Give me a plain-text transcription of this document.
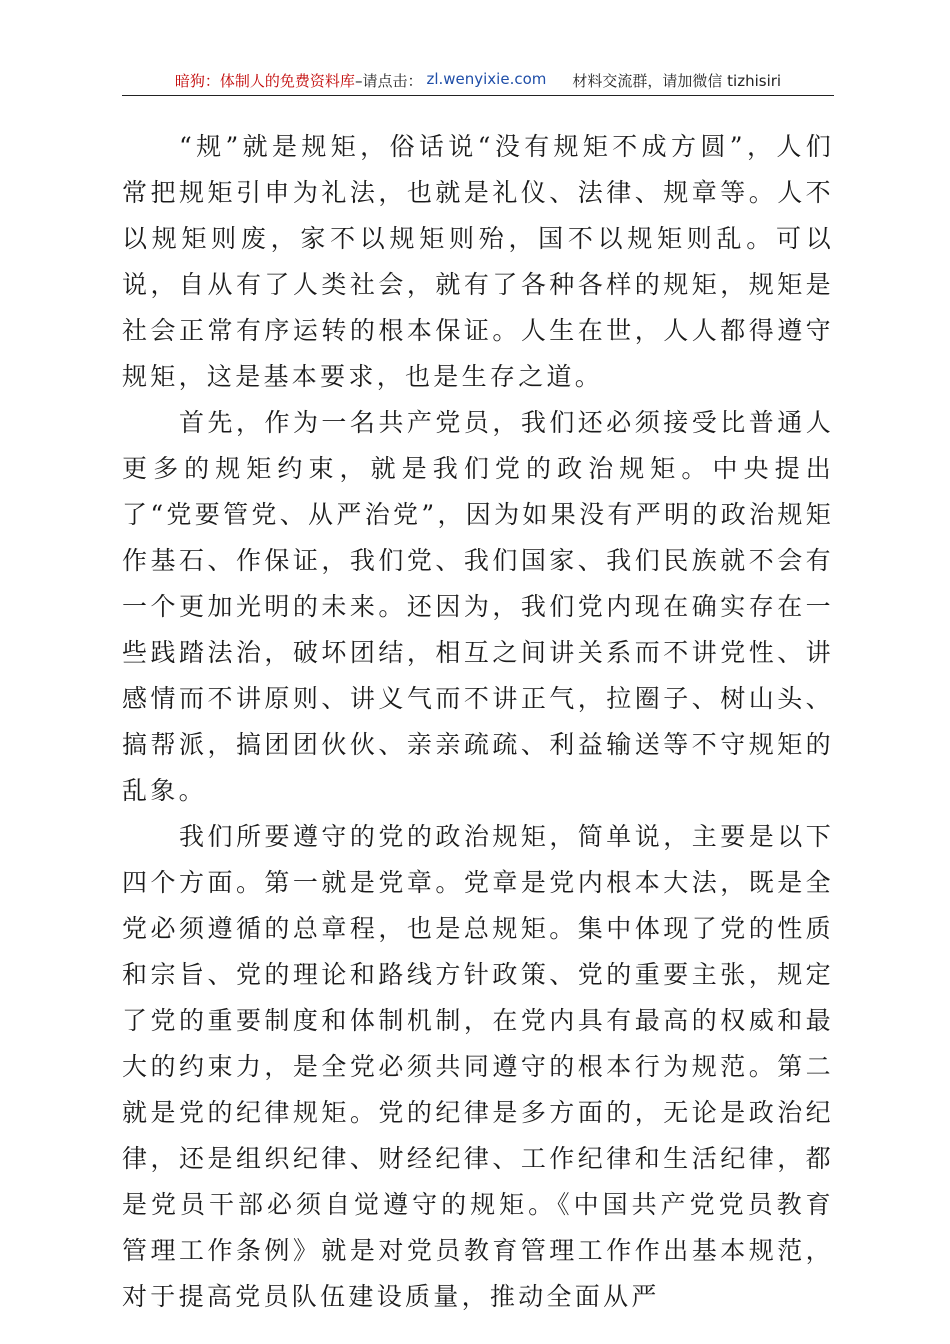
暗狗：体制人的免费资料库 –请点击： zl.wenyixie.com 材料交流群，请加微信 tizhisiri

“规”就是规矩，俗话说“没有规矩不成方圆”，人们常把规矩引申为礼法，也就是礼仪、法律、规章等。人不以规矩则废，家不以规矩则殆，国不以规矩则乱。可以说，自从有了人类社会，就有了各种各样的规矩，规矩是社会正常有序运转的根本保证。人生在世，人人都得遵守规矩，这是基本要求，也是生存之道。

首先，作为一名共产党员，我们还必须接受比普通人更多的规矩约束，就是我们党的政治规矩。中央提出了“党要管党、从严治党”，因为如果没有严明的政治规矩作基石、作保证，我们党、我们国家、我们民族就不会有一个更加光明的未来。还因为，我们党内现在确实存在一些践踏法治，破坏团结，相互之间讲关系而不讲党性、讲感情而不讲原则、讲义气而不讲正气，拉圈子、树山头、搞帮派，搞团团伙伙、亲亲疏疏、利益输送等不守规矩的乱象。

我们所要遵守的党的政治规矩，简单说，主要是以下四个方面。第一就是党章。党章是党内根本大法，既是全党必须遵循的总章程，也是总规矩。集中体现了党的性质和宗旨、党的理论和路线方针政策、党的重要主张，规定了党的重要制度和体制机制，在党内具有最高的权威和最大的约束力，是全党必须共同遵守的根本行为规范。第二就是党的纪律规矩。党的纪律是多方面的，无论是政治纪律，还是组织纪律、财经纪律、工作纪律和生活纪律，都是党员干部必须自觉遵守的规矩。《中国共产党党员教育管理工作条例》就是对党员教育管理工作作出基本规范，对于提高党员队伍建设质量，推动全面从严
